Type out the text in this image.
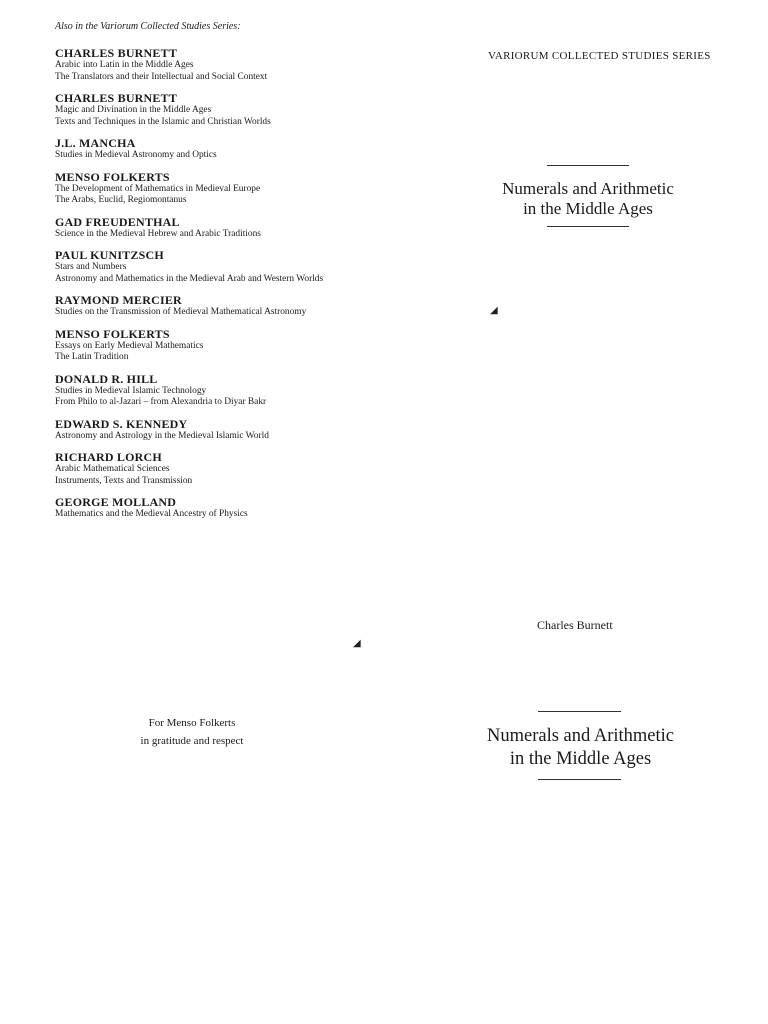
Also in the Variorum Collected Studies Series:

CHARLES BURNETT
Arabic into Latin in the Middle Ages
The Translators and their Intellectual and Social Context
CHARLES BURNETT
Magic and Divination in the Middle Ages
Texts and Techniques in the Islamic and Christian Worlds
J.L. MANCHA
Studies in Medieval Astronomy and Optics
MENSO FOLKERTS
The Development of Mathematics in Medieval Europe
The Arabs, Euclid, Regiomontanus
GAD FREUDENTHAL
Science in the Medieval Hebrew and Arabic Traditions
PAUL KUNITZSCH
Stars and Numbers
Astronomy and Mathematics in the Medieval Arab and Western Worlds
RAYMOND MERCIER
Studies on the Transmission of Medieval Mathematical Astronomy
MENSO FOLKERTS
Essays on Early Medieval Mathematics
The Latin Tradition
DONALD R. HILL
Studies in Medieval Islamic Technology
From Philo to al-Jazari – from Alexandria to Diyar Bakr
EDWARD S. KENNEDY
Astronomy and Astrology in the Medieval Islamic World
RICHARD LORCH
Arabic Mathematical Sciences
Instruments, Texts and Transmission
GEORGE MOLLAND
Mathematics and the Medieval Ancestry of Physics

VARIORUM COLLECTED STUDIES SERIES

Numerals and Arithmetic
in the Middle Ages
◢
◢

Charles Burnett

For Menso Folkerts
in gratitude and respect	Numerals and Arithmetic
in the Middle Ages
